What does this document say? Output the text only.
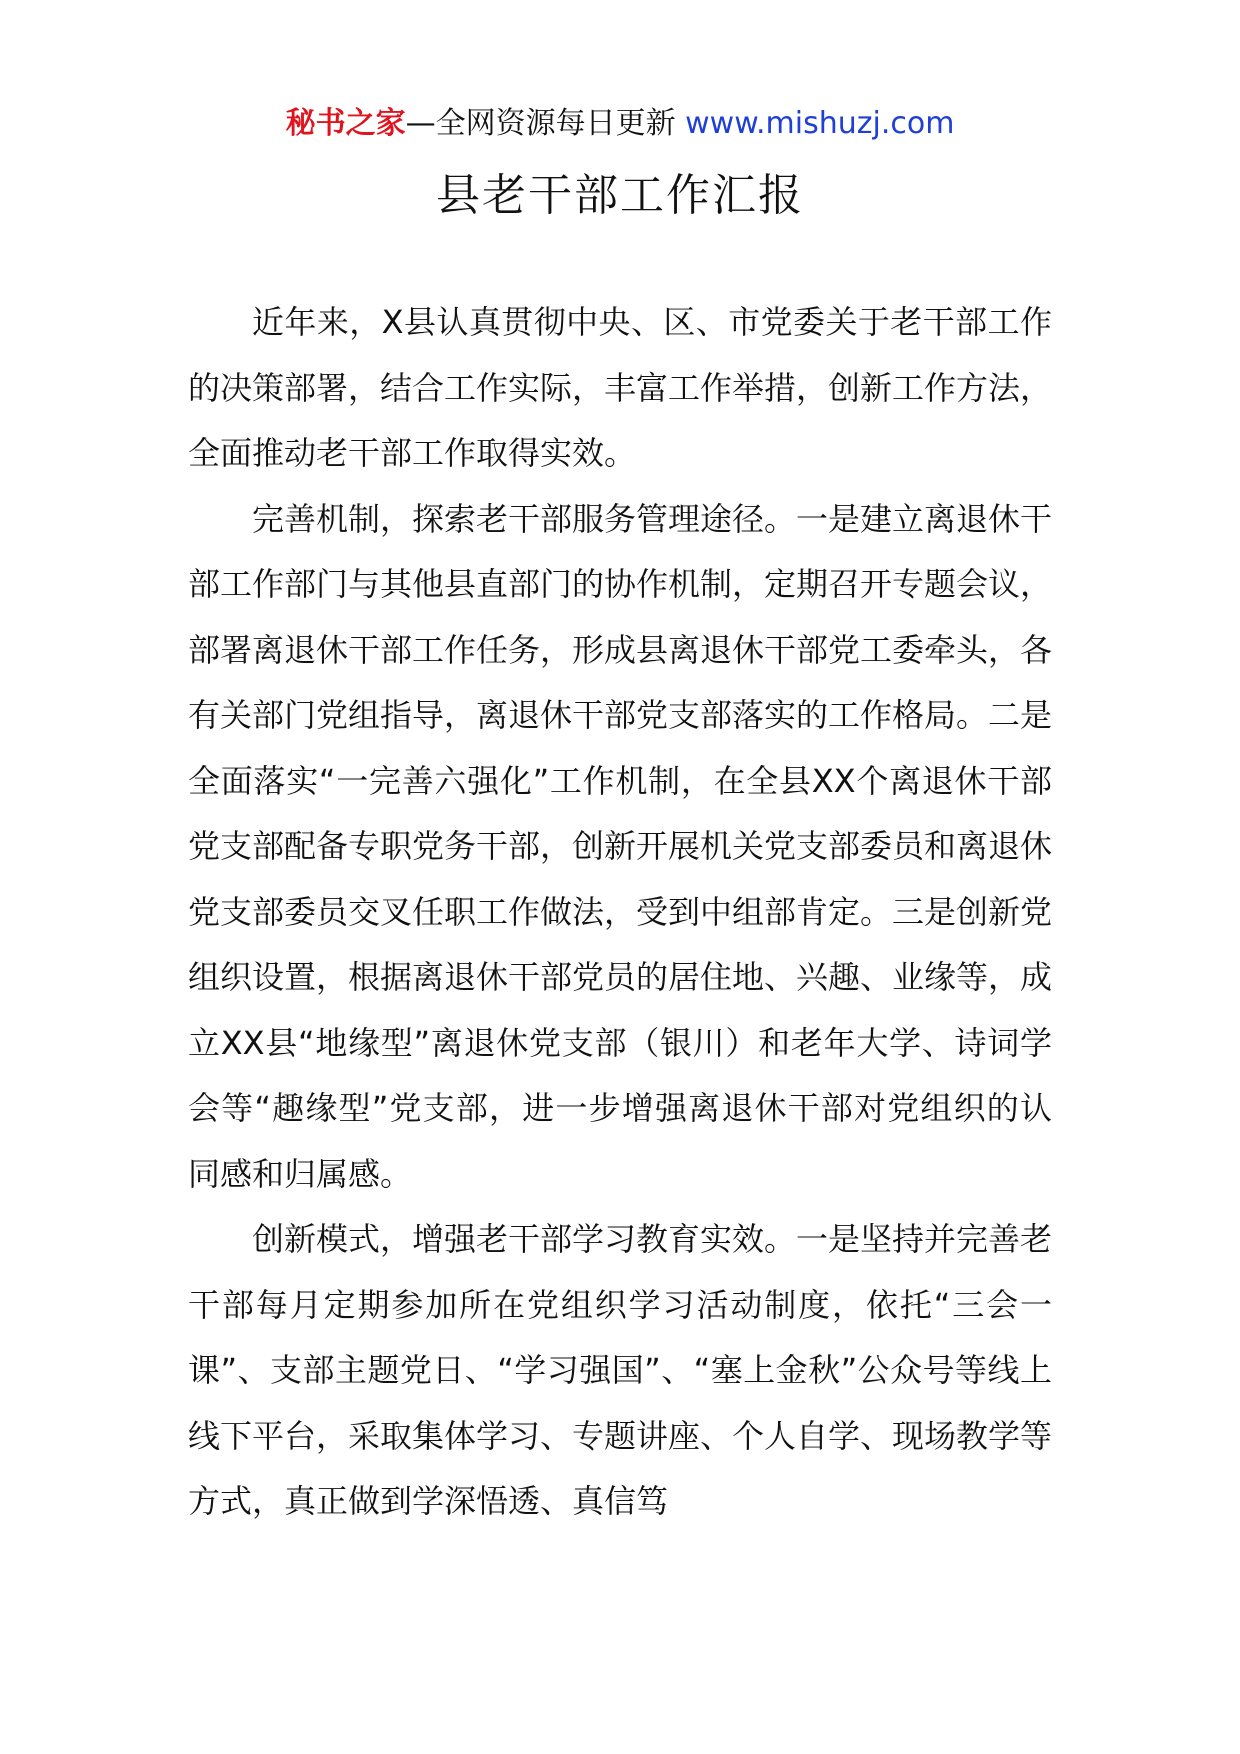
秘书之家—全网资源每日更新 www.mishuzj.com
县老干部工作汇报

近年来，X县认真贯彻中央、区、市党委关于老干部工作的决策部署，结合工作实际，丰富工作举措，创新工作方法，全面推动老干部工作取得实效。

完善机制，探索老干部服务管理途径。一是建立离退休干部工作部门与其他县直部门的协作机制，定期召开专题会议，部署离退休干部工作任务，形成县离退休干部党工委牵头，各有关部门党组指导，离退休干部党支部落实的工作格局。二是全面落实“一完善六强化”工作机制，在全县XX个离退休干部党支部配备专职党务干部，创新开展机关党支部委员和离退休党支部委员交叉任职工作做法，受到中组部肯定。三是创新党组织设置，根据离退休干部党员的居住地、兴趣、业缘等，成立XX县“地缘型”离退休党支部（银川）和老年大学、诗词学会等“趣缘型”党支部，进一步增强离退休干部对党组织的认同感和归属感。

创新模式，增强老干部学习教育实效。一是坚持并完善老干部每月定期参加所在党组织学习活动制度，依托“三会一课”、支部主题党日、“学习强国”、“塞上金秋”公众号等线上线下平台，采取集体学习、专题讲座、个人自学、现场教学等方式，真正做到学深悟透、真信笃
